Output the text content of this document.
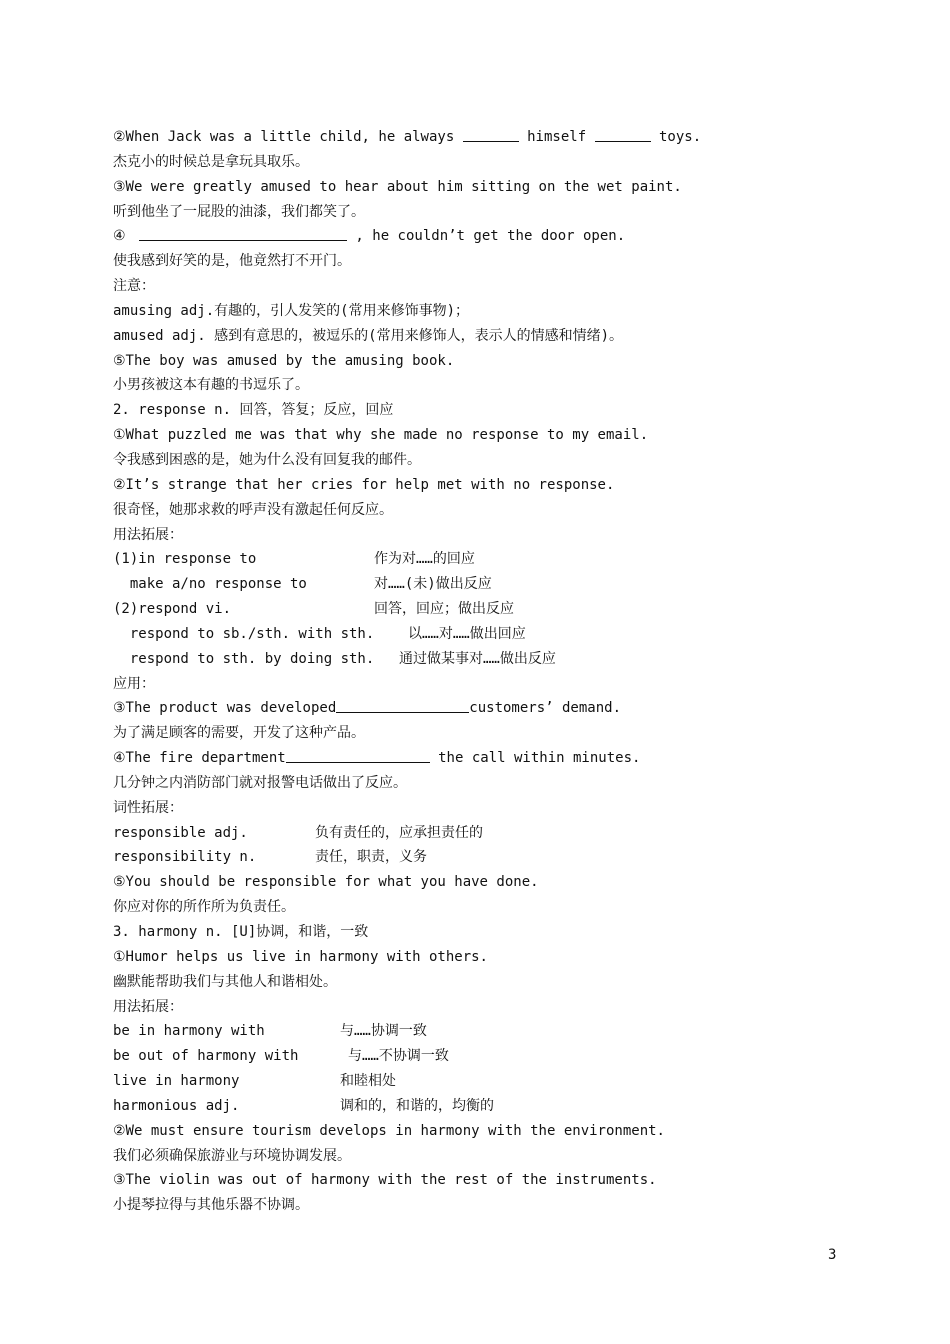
②When Jack was a little child, he always	himself	toys.
杰克小的时候总是拿玩具取乐。
③We were greatly amused to hear about him sitting on the wet paint.
听到他坐了一屁股的油漆，我们都笑了。
④	, he couldn’t get the door open.
使我感到好笑的是，他竟然打不开门。
注意：
amusing adj.有趣的，引人发笑的(常用来修饰事物)；
amused adj. 感到有意思的，被逗乐的(常用来修饰人，表示人的情感和情绪)。
⑤The boy was amused by the amusing book.
小男孩被这本有趣的书逗乐了。
2. response n. 回答，答复；反应，回应
①What puzzled me was that why she made no response to my email.
令我感到困惑的是，她为什么没有回复我的邮件。
②It’s strange that her cries for help met with no response.
很奇怪，她那求救的呼声没有激起任何反应。
用法拓展：
(1)in response to	作为对……的回应
make a/no response to	对……(未)做出反应
(2)respond vi.	回答，回应；做出反应
respond to sb./sth. with sth. 以……对……做出回应
respond to sth. by doing sth. 通过做某事对……做出反应
应用：
③The product was developed	customers’ demand.
为了满足顾客的需要，开发了这种产品。
④The fire department	the call within minutes.
几分钟之内消防部门就对报警电话做出了反应。
词性拓展：
responsible adj.	负有责任的，应承担责任的
responsibility n.	责任，职责，义务
⑤You should be responsible for what you have done.
你应对你的所作所为负责任。
3. harmony n. [U]协调，和谐，一致
①Humor helps us live in harmony with others.
幽默能帮助我们与其他人和谐相处。
用法拓展：
be in harmony with	与……协调一致
be out of harmony with	与……不协调一致
live in harmony	和睦相处
harmonious adj.	调和的，和谐的，均衡的
②We must ensure tourism develops in harmony with the environment.
我们必须确保旅游业与环境协调发展。
③The violin was out of harmony with the rest of the instruments.
小提琴拉得与其他乐器不协调。
3
